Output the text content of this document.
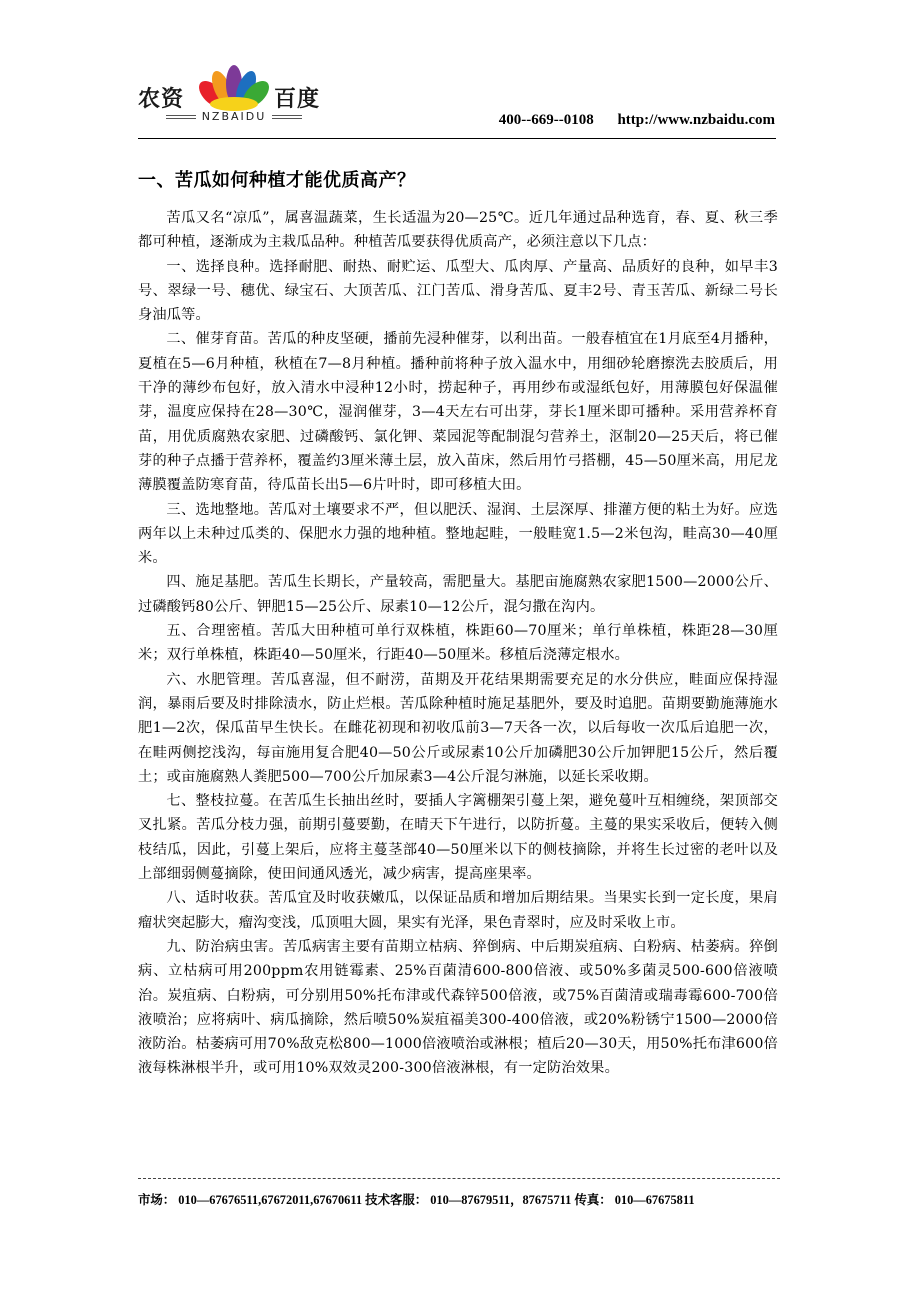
农资	百度
NZBAIDU	400--669--0108 http://www.nzbaidu.com
一、苦瓜如何种植才能优质高产？

苦瓜又名“凉瓜”，属喜温蔬菜，生长适温为20—25℃。近几年通过品种选育，春、夏、秋三季都可种植，逐渐成为主栽瓜品种。种植苦瓜要获得优质高产，必须注意以下几点：

一、选择良种。选择耐肥、耐热、耐贮运、瓜型大、瓜肉厚、产量高、品质好的良种，如早丰3号、翠绿一号、穗优、绿宝石、大顶苦瓜、江门苦瓜、滑身苦瓜、夏丰2号、青玉苦瓜、新绿二号长身油瓜等。

二、催芽育苗。苦瓜的种皮坚硬，播前先浸种催芽，以利出苗。一般春植宜在1月底至4月播种，夏植在5—6月种植，秋植在7—8月种植。播种前将种子放入温水中，用细砂轮磨擦洗去胶质后，用干净的薄纱布包好，放入清水中浸种12小时，捞起种子，再用纱布或湿纸包好，用薄膜包好保温催芽，温度应保持在28—30℃，湿润催芽，3—4天左右可出芽，芽长1厘米即可播种。采用营养杯育苗，用优质腐熟农家肥、过磷酸钙、氯化钾、菜园泥等配制混匀营养土，沤制20—25天后，将已催芽的种子点播于营养杯，覆盖约3厘米薄土层，放入苗床，然后用竹弓搭棚，45—50厘米高，用尼龙薄膜覆盖防寒育苗，待瓜苗长出5—6片叶时，即可移植大田。

三、选地整地。苦瓜对土壤要求不严，但以肥沃、湿润、土层深厚、排灌方便的粘土为好。应选两年以上未种过瓜类的、保肥水力强的地种植。整地起畦，一般畦宽1.5—2米包沟，畦高30—40厘米。

四、施足基肥。苦瓜生长期长，产量较高，需肥量大。基肥亩施腐熟农家肥1500—2000公斤、过磷酸钙80公斤、钾肥15—25公斤、尿素10—12公斤，混匀撒在沟内。

五、合理密植。苦瓜大田种植可单行双株植，株距60—70厘米；单行单株植，株距28—30厘米；双行单株植，株距40—50厘米，行距40—50厘米。移植后浇薄定根水。

六、水肥管理。苦瓜喜湿，但不耐涝，苗期及开花结果期需要充足的水分供应，畦面应保持湿润，暴雨后要及时排除渍水，防止烂根。苦瓜除种植时施足基肥外，要及时追肥。苗期要勤施薄施水肥1—2次，保瓜苗早生快长。在雌花初现和初收瓜前3—7天各一次，以后每收一次瓜后追肥一次，在畦两侧挖浅沟，每亩施用复合肥40—50公斤或尿素10公斤加磷肥30公斤加钾肥15公斤，然后覆土；或亩施腐熟人粪肥500—700公斤加尿素3—4公斤混匀淋施，以延长采收期。

七、整枝拉蔓。在苦瓜生长抽出丝时，要插人字篱棚架引蔓上架，避免蔓叶互相缠绕，架顶部交叉扎紧。苦瓜分枝力强，前期引蔓要勤，在晴天下午进行，以防折蔓。主蔓的果实采收后，便转入侧枝结瓜，因此，引蔓上架后，应将主蔓茎部40—50厘米以下的侧枝摘除，并将生长过密的老叶以及上部细弱侧蔓摘除，使田间通风透光，减少病害，提高座果率。

八、适时收获。苦瓜宜及时收获嫩瓜，以保证品质和增加后期结果。当果实长到一定长度，果肩瘤状突起膨大，瘤沟变浅，瓜顶咀大圆，果实有光泽，果色青翠时，应及时采收上市。

九、防治病虫害。苦瓜病害主要有苗期立枯病、猝倒病、中后期炭疽病、白粉病、枯萎病。猝倒病、立枯病可用200ppm农用链霉素、25%百菌清600-800倍液、或50%多菌灵500-600倍液喷治。炭疽病、白粉病，可分别用50%托布津或代森锌500倍液，或75%百菌清或瑞毒霉600-700倍液喷治；应将病叶、病瓜摘除，然后喷50%炭疽福美300-400倍液，或20%粉锈宁1500—2000倍液防治。枯萎病可用70%敌克松800—1000倍液喷治或淋根；植后20—30天，用50%托布津600倍液每株淋根半升，或可用10%双效灵200-300倍液淋根，有一定防治效果。

市场： 010—67676511,67672011,67670611 技术客服： 010—87679511，87675711 传真： 010—67675811
